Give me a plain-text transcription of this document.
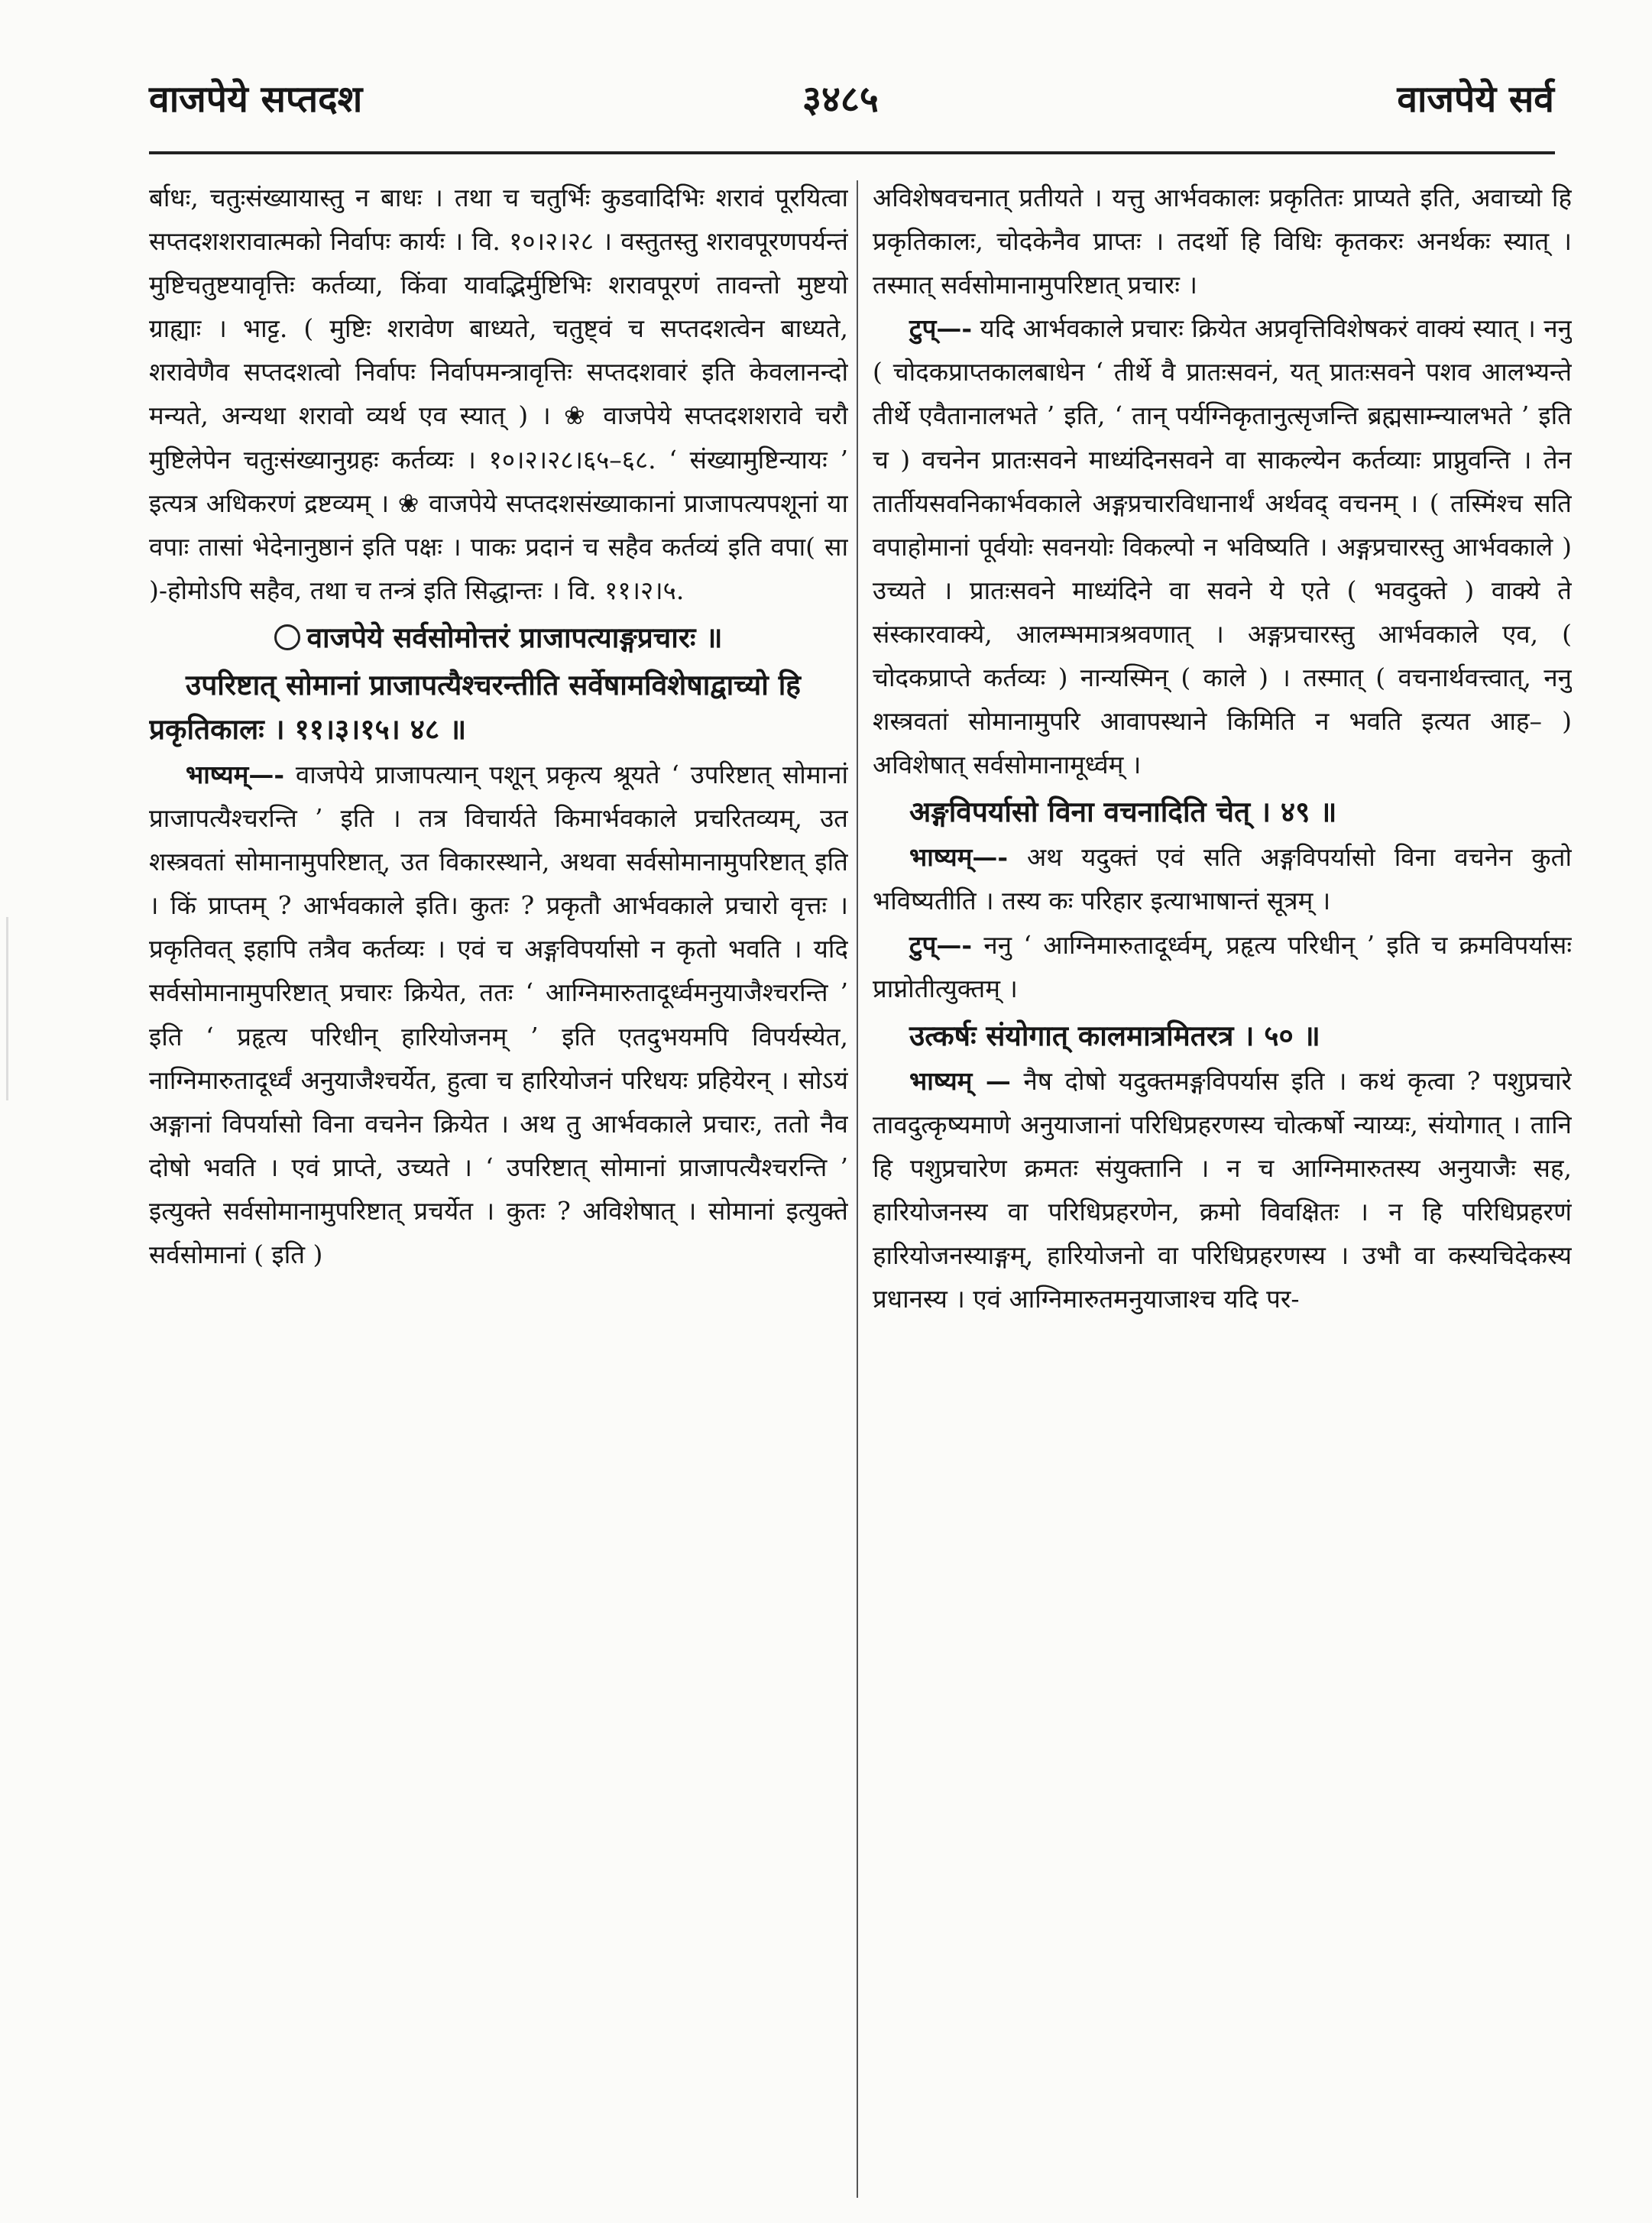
वाजपेये सप्तदश	३४८५	वाजपेये सर्व

र्बाधः, चतुःसंख्यायास्तु न बाधः । तथा च चतुर्भिः कुडवादिभिः शरावं पूरयित्वा सप्तदशशरावात्मको निर्वापः कार्यः । वि. १०।२।२८ । वस्तुतस्तु शरावपूरणपर्यन्तं मुष्टिचतुष्टयावृत्तिः कर्तव्या, किंवा यावद्भिर्मुष्टिभिः शरावपूरणं तावन्तो मुष्टयो ग्राह्याः । भाट्ट. ( मुष्टिः शरावेण बाध्यते, चतुष्ट्वं च सप्तदशत्वेन बाध्यते, शरावेणैव सप्तदशत्वो निर्वापः निर्वापमन्त्रावृत्तिः सप्तदशवारं इति केवलानन्दो मन्यते, अन्यथा शरावो व्यर्थ एव स्यात् ) । ❀ वाजपेये सप्तदशशरावे चरौ मुष्टिलेपेन चतुःसंख्यानुग्रहः कर्तव्यः । १०।२।२८।६५–६८. ‘ संख्यामुष्टिन्यायः ’ इत्यत्र अधिकरणं द्रष्टव्यम् । ❀ वाजपेये सप्तदशसंख्याकानां प्राजापत्यपशूनां या वपाः तासां भेदेनानुष्ठानं इति पक्षः । पाकः प्रदानं च सहैव कर्तव्यं इति वपा( सा )-होमोऽपि सहैव, तथा च तन्त्रं इति सिद्धान्तः । वि. ११।२।५.

वाजपेये सर्वसोमोत्तरं प्राजापत्याङ्गप्रचारः ॥

उपरिष्टात् सोमानां प्राजापत्यैश्चरन्तीति सर्वेषामविशेषाद्वाच्यो हि प्रकृतिकालः । ११।३।१५। ४८ ॥

भाष्यम्—- वाजपेये प्राजापत्यान् पशून् प्रकृत्य श्रूयते ‘ उपरिष्टात् सोमानां प्राजापत्यैश्चरन्ति ’ इति । तत्र विचार्यते किमार्भवकाले प्रचरितव्यम्, उत शस्त्रवतां सोमानामुपरिष्टात्, उत विकारस्थाने, अथवा सर्वसोमानामुपरिष्टात् इति । किं प्राप्तम् ? आर्भवकाले इति। कुतः ? प्रकृतौ आर्भवकाले प्रचारो वृत्तः । प्रकृतिवत् इहापि तत्रैव कर्तव्यः । एवं च अङ्गविपर्यासो न कृतो भवति । यदि सर्वसोमानामुपरिष्टात् प्रचारः क्रियेत, ततः ‘ आग्निमारुतादूर्ध्वमनुयाजैश्चरन्ति ’ इति ‘ प्रहृत्य परिधीन् हारियोजनम् ’ इति एतदुभयमपि विपर्यस्येत, नाग्निमारुतादूर्ध्वं अनुयाजैश्चर्येत, हुत्वा च हारियोजनं परिधयः प्रहियेरन् । सोऽयं अङ्गानां विपर्यासो विना वचनेन क्रियेत । अथ तु आर्भवकाले प्रचारः, ततो नैव दोषो भवति । एवं प्राप्ते, उच्यते । ‘ उपरिष्टात् सोमानां प्राजापत्यैश्चरन्ति ’ इत्युक्ते सर्वसोमानामुपरिष्टात् प्रचर्येत । कुतः ? अविशेषात् । सोमानां इत्युक्ते सर्वसोमानां ( इति )

अविशेषवचनात् प्रतीयते । यत्तु आर्भवकालः प्रकृतितः प्राप्यते इति, अवाच्यो हि प्रकृतिकालः, चोदकेनैव प्राप्तः । तदर्थो हि विधिः कृतकरः अनर्थकः स्यात् । तस्मात् सर्वसोमानामुपरिष्टात् प्रचारः ।

टुप्—- यदि आर्भवकाले प्रचारः क्रियेत अप्रवृत्तिविशेषकरं वाक्यं स्यात् । ननु ( चोदकप्राप्तकालबाधेन ‘ तीर्थे वै प्रातःसवनं, यत् प्रातःसवने पशव आलभ्यन्ते तीर्थे एवैतानालभते ’ इति, ‘ तान् पर्यग्निकृतानुत्सृजन्ति ब्रह्मसाम्न्यालभते ’ इति च ) वचनेन प्रातःसवने माध्यंदिनसवने वा साकल्येन कर्तव्याः प्राप्नुवन्ति । तेन तार्तीयसवनिकार्भवकाले अङ्गप्रचारविधानार्थं अर्थवद् वचनम् । ( तस्मिंश्च सति वपाहोमानां पूर्वयोः सवनयोः विकल्पो न भविष्यति । अङ्गप्रचारस्तु आर्भवकाले ) उच्यते । प्रातःसवने माध्यंदिने वा सवने ये एते ( भवदुक्ते ) वाक्ये ते संस्कारवाक्ये, आलम्भमात्रश्रवणात् । अङ्गप्रचारस्तु आर्भवकाले एव, ( चोदकप्राप्ते कर्तव्यः ) नान्यस्मिन् ( काले ) । तस्मात् ( वचनार्थवत्त्वात्, ननु शस्त्रवतां सोमानामुपरि आवापस्थाने किमिति न भवति इत्यत आह– ) अविशेषात् सर्वसोमानामूर्ध्वम् ।

अङ्गविपर्यासो विना वचनादिति चेत् । ४९ ॥

भाष्यम्—- अथ यदुक्तं एवं सति अङ्गविपर्यासो विना वचनेन कुतो भविष्यतीति । तस्य कः परिहार इत्याभाषान्तं सूत्रम् ।

टुप्—- ननु ‘ आग्निमारुतादूर्ध्वम्, प्रहृत्य परिधीन् ’ इति च क्रमविपर्यासः प्राप्नोतीत्युक्तम् ।

उत्कर्षः संयोगात् कालमात्रमितरत्र । ५० ॥

भाष्यम् — नैष दोषो यदुक्तमङ्गविपर्यास इति । कथं कृत्वा ? पशुप्रचारे तावदुत्कृष्यमाणे अनुयाजानां परिधिप्रहरणस्य चोत्कर्षो न्याय्यः, संयोगात् । तानि हि पशुप्रचारेण क्रमतः संयुक्तानि । न च आग्निमारुतस्य अनुयाजैः सह, हारियोजनस्य वा परिधिप्रहरणेन, क्रमो विवक्षितः । न हि परिधिप्रहरणं हारियोजनस्याङ्गम्, हारियोजनो वा परिधिप्रहरणस्य । उभौ वा कस्यचिदेकस्य प्रधानस्य । एवं आग्निमारुतमनुयाजाश्च यदि पर-
